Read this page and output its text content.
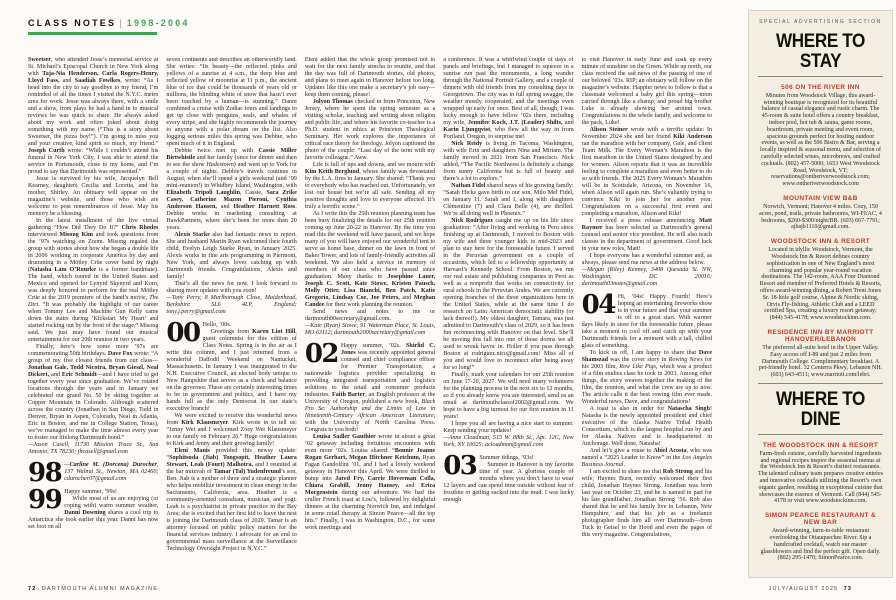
CLASS NOTES | 1998-2004

Sweetser, who attended Jesse’s memorial service at St. Michael’s Episcopal Church in New York along with Taja-Nia Henderson, Carla Rogers-Henry, Lloyd Fass, and Saadiah Fowlkes, wrote: “As I head into the city to say goodbye to my friend, I’m reminded of all the times I visited the N.Y.C. metro area for work. Jesse was always there, with a smile and a show, from plays he had a hand in to musical reviews he was quick to share. He always asked about my work and often joked about doing something with my name (“This is a story about Sweetser, the pizza boy!”). I’m going to miss you and your creative, kind spirit so much, my friend.” Joseph Curth wrote: “While I couldn’t attend his funeral in New York City, I was able to attend the service in Portsmouth, close to my home, and I’m proud to say that Dartmouth was represented.”

Jesse is survived by his wife, Jacquelyn Bell Kearney, daughters Cecilia and Loretta, and his mother, Shirley. An obituary will appear on the magazine’s website, and those who wish are welcome to post remembrances of Jesse. May his memory be a blessing.

In the latest installment of the live virtual gathering “How Did They Do It?” Chris Rhodes interviewed Misong Kim and took questions from the ’97s watching on Zoom. Misong regaled the group with stories about how she began a double life in 2006 working in corporate America by day and drumming in a Mötley Crüe cover band by night (Natasha Lam O’Rourke is a former bandmate). The band, which toured in the United States and Mexico and opened for Lynyrd Skynyrd and Korn, was deeply honored to perform for the real Mötley Crüe at the 2019 premiere of the band’s movie, The Dirt. “It was probably the highlight of our career when Tommy Lee and Machine Gun Kelly came down the stairs during ‘Kickstart My Heart’ and started rocking out by the front of the stage,” Misong said. We just may have found our musical entertainment for our 20th reunion in two years.

Finally, here’s how some more ’97s are commemorating 50th birthdays. Dave Fox wrote: “A group of my five closest friends from our class—Jonathan Gale, Todd Nicotra, Bryan Gieszl, Neal Dickert, and Eric Schmidt—and I have tried to get together every year since graduation. We’ve rotated locations through the years and in January we celebrated our grand No. 50 by skiing together at Copper Mountain in Colorado. Although scattered across the country (Jonathan in San Diego, Todd in Denver, Bryan in Aspen, Colorado, Neal in Atlanta, Eric in Boston, and me in College Station, Texas), we’ve managed to make the time almost every year to foster our lifelong Dartmouth bond.”

—Jason Casell, 11730 Mission Trace St., San Antonio, TX 78230; jhcasell@gmail.com

98 —Carline M. (Dorcena) Durocher, 137 Walnut St., Newton, MA 02460; cdurocher07@gmail.com

99 Happy summer, ’99s!

While most of us are enjoying (or coping with) warm summer weather, Danni Downing shares a cool trip to Antarctica she took earlier this year. Danni has now set foot on all

seven continents and describes an otherworldly land. She writes: “Its beauty—the reflected pinks and yellows of a sunrise at 4 a.m., the deep blue and reflected yellow of moonrise at 11 p.m., the ancient blue of ice that could be thousands of years old or millions, the blinding white of snow that hasn’t ever been touched by a human—is stunning.” Danni combined a cruise with Zodiac tours and landings to get up close with penguins, seals, and whales of every stripe, and she highly recommends the journey to anyone with a polar dream on the list. Also logging serious miles this spring was Debbie, who spent much of it in England.

Debbie twice met up with Cassie Miller Birtwhistle and her family (once for dinner and then to see the show Hadestown) and went up to York for a couple of nights. Debbie’s travels continue in August, when she’ll spend a girls weekend (and ’99 mini-reunion!) in Whidbey Island, Washington, with Elizabeth Tripoli Laughlin, Cassie, Sara Zrike Casey, Catherine Mazon Pieroni, Cynthia Anderson Hansen, and Heather Harnett Ross. Debbie works in marketing consulting at HawkPartners, where she’s been for more than 20 years.

Alexis Starke also had fantastic news to report. She and husband Martin Ryan welcomed their fourth child, Evelyn Leigh Starke Ryan, in January 2025. Alexis works in fine arts programming in Piermont, New York, and always loves catching up with Dartmouth friends. Congratulations, Alexis and family!

That’s all the news for now. I look forward to sharing more updates with you soon!

—Tony Perry, 8 Marlborough Close, Maidenhead, Berkshire SL6 4LP, England; tony.j.perry@gmail.com

00 Hello, ’00s.

Greetings from Karen Liot Hill, guest columnist for this edition of Class Notes. Spring is in the air as I write this column, and I just returned from a wonderful Daffodil Weekend on Nantucket, Massachusetts. In January I was inaugurated to the N.H. Executive Council, an elected body unique to New Hampshire that serves as a check and balance on the governor. These are certainly interesting times to be in government and politics, and I have my hands full as the only Democrat in our state’s executive branch!

We were excited to receive this wonderful news from Kirk Klausmeyer. Kirk wrote in to tell us: “Jenny Wei and I welcomed Zoey Wei Klausmeyer to our family on February 26.” Huge congratulations to Kirk and Jenny and their growing family!

Eleni Manis provided this newsy update: “Sophitsuda (Jiab) Tongsopit, Heather Laura Stewart, Leah (Fourt) Malhotra, and I reunited at the bar mitzvah of Tamar (Tal) Yudenfreund’s son, Ben. Jiab is a mother of three and a strategic planner who helps mobilize investment in clean energy in the Sacramento, California, area. Heather is a community-oriented consultant, musician, and yogi. Leah is a psychiatrist in private practice in the Bay Area; she is excited that her first kid to leave the nest is joining the Dartmouth class of 2029. Tamar is an attorney focused on public policy matters for the financial services industry. I advocate for an end to governmental mass surveillance at the Surveillance Technology Oversight Project in N.Y.C.”

Eleni added that the whole group promised not to wait for the next family simcha to reunite, and that the day was full of Dartmouth stories, old photos, and plans to meet again in Hanover before too long. Updates like this one make a secretary’s job easy—keep them coming, please!

Jolyon Thomas checked in from Princeton, New Jersey, where he spent the spring semester as a visiting scholar, teaching and writing about religion and public life, and where his favorite co-teacher is a Ph.D. student in ethics at Princeton Theological Seminary. Her work explores the importance of critical race theory for theology. Jolyon captioned the photo of the couple: “Last day of the term with my favorite colleague.” Aww.

Life is full of ups and downs, and we mourn with Kim Keith Berglund, whose family was devastated by the L.A. fires in January. She shared: “Thank you to everybody who has reached out. Unfortunately, we lost our house but we’re all safe. Sending all my positive thoughts and love to everyone affected. It’s truly a horrific scene.”

As I write this the 25th reunion planning team has been busy finalizing the details for our 25th reunion coming up June 20-22 in Hanover. By the time you read this the weekend will have passed, and we hope many of you will have enjoyed our wonderful tent to serve as home base, dinner on the lawn in front of Baker Tower, and lots of family-friendly activities all weekend. We also held a service in memory of members of our class who have passed since graduation. Many thanks to Josephine Lauer, Joseph C. Scott, Kate Stowe, Kristen Pausch, Molly Otter, Lisa Bianchi, Ben Patch, Katie Gregorio, Lindsay Coe, Joe Peters, and Meghan Candee for their work planning the reunion.

Send news and notes to me or dartmouth00secretary@gmail.com.

—Kate (Ryan) Stowe, 91 Waterman Place, St. Louis, MO 63112; dartmouth2000secretary@gmail.com

02 Happy summer, ’02s. Shirlid C. Jones was recently appointed general counsel and chief compliance officer for Premier Transportation, a nationwide logistics provider specializing in providing integrated transportation and logistics solutions to the retail and consumer products industries. Faith Barter, an English professor at the University of Oregon, published a new book, Black Pro Se: Authorship and the Limits of Law in Nineteenth-Century African American Literature, with the University of North Carolina Press. Congrats to you both!

Louisa Sadler Gauthier wrote in about a great ’02 getaway including fortuitous encounters with even more ’02s. Louisa shared: “Bonnie Joanne Rogan Gerhart, Megan Hitchner Ketchum, Ryan Fagan Gandolfini ’01, and I had a lovely weekend getaway in Hanover this April. We were thrilled to bump into Jared Fry, Carrie Hoverman Colla, Chiara Grabill, Jenny Hansey, and Erica Morgenstein during our adventure. We had the cruller French toast at Lou’s, followed by delightful dinners at the charming Norwich Inn, and indulged in some retail therapy at Simon Pearce—all the top hits.” Finally, I was in Washington, D.C., for some work meetings and

a conference. It was a whirlwind couple of days of panels and briefings, but I managed to squeeze in a sunrise run past the monuments, a long wander through the National Portrait Gallery, and a couple of dinners with old friends from my consulting days in Georgetown. The city was in full spring swagger, the weather mostly cooperated, and the meetings even wrapped up early for once. Best of all, though, I was lucky enough to have fellow ’02s there, including my wife, Jennifer Koch, J.T. (Leader) Shilts, and Karin Ljungqvist, who flew all the way in from Portland, Oregon, to surprise me!

Nick Reidy is living in Tacoma, Washington, with wife Erin and daughters Nina and Miriam. The family moved in 2021 from San Francisco. Nick added, “The Pacific Northwest is definitely a change from sunny California but is full of beauty and there’s a lot to explore.”

Nathan Fidel shared news of his growing family: “Sarah Hicks gave birth to our son, Milo Mel Fidel, on January 11. Sarah and I, along with daughters Clémentine (7) and Clara Belle (4), are thrilled. We’re all doing well in Phoenix.”

Nick Rodriguez caught me up on his life since graduation: “After living and working in Peru since finishing up at Dartmouth, I moved to Boston with my wife and three younger kids in mid-2023 and plan to stay here for the foreseeable future. I served in the Peruvian government on a couple of occasions, which led to a fellowship opportunity at Harvard’s Kennedy School. From Boston, we run our real estate and publishing companies in Peru as well as a nonprofit that works on connectivity for rural schools in the Peruvian Andes. We are currently opening branches of the three organizations here in the United States, while at the same time I do research on Latin American democratic stability (or lack thereof!). My oldest daughter, Tamara, was just admitted to Dartmouth’s class of 2029, so it has been fun reconnecting with Hanover on that level. She’ll be moving this fall into one of those dorms we all used to wreak havoc in. Holler if you pass through Boston at rodriguez.nico@gmail.com! Miss all of you and would love to reconnect after being away for so long!”

Finally, mark your calendars for our 25th reunion on June 17-20, 2027. We will need many volunteers for the planning process in the next six to 12 months, so if you already know you are interested, send us an email at dartmouthclassof2002@gmail.com. We hope to have a big turnout for our first reunion in 11 years!

I hope you all are having a nice start to summer. Keep sending your updates!

—Anne Cloudman, 515 W. 88th St., Apt. 12C, New York, NY 10025; acloudman@gmail.com

03 Summer tidings, ’03s!

Summer in Hanover is my favorite time of year. A glorious couple of months where you don’t have to wear 12 layers and can spend time outside without fear of frostbite or getting sucked into the mud. I was lucky enough

to visit Hanover in early June and soak up every minute of sunshine on the Green. While up north, our class received the sad news of the passing of one of our beloved ’03s. RIP; an obituary will follow on the magazine’s website. Happier news to follow is that a classmate welcomed a baby girl this spring—mom carried through like a champ, and proud big brother Luke is already showing her around town. Congratulations to the whole family, and welcome to the pack, Luke!

Alison Steiner wrote with a terrific update: In November 2024 she and her friend Kiki Anderson ran the marathon with her company, Gale, and client Team Milk. The Every Woman’s Marathon is the first marathon in the United States designed by and for women. Alison reports that it was an incredible feeling to complete a marathon and even better to do so with friends. The 2025 Every Woman’s Marathon will be in Scottsdale, Arizona, on November 16, when Alison will again run. She’s valiantly trying to convince Kiki to join her for another year. Congratulations on a successful first event and completing a marathon, Alison and Kiki!

I received a press release announcing Matt Raymer has been selected as Dartmouth’s general counsel and senior vice president. He will also teach classes in the department of government. Good luck in your new roles, Matt!

I hope everyone has a wonderful summer and, as always, please send me news at the address below.

—Megan (Riley) Kenney, 3408 Quesada St. NW, Washington, DC 20016; dartmouth03notes@gmail.com

04 Hi, ’04s! Happy Fourth! Here’s hoping an entertaining fireworks show is in your future and that your summer is off to a great start. With warmer days likely in store for the foreseeable future, please take a moment to cool off and catch up with your Dartmouth friends for a moment with a tall, chilled glass of something.

To kick us off, I am happy to share that Dave Shamszad was the cover story in Rowing News for his 2003 film, Row Like Pigs, which was a product of a film studies class he took in 2003. Among other things, the story weaves together the making of the film, the reunion, and what the crew are up to now. The article calls it the best rowing film ever made. Wonderful news, Dave, and congratulations!

A toast is also in order for Natascha Singh! Natasha is the newly appointed president and chief executive of the Alaska Native Tribal Health Consortium, which is the largest hospital run by and for Alaska Natives and is headquartered in Anchorage. Well done, Natasha!

And let’s give a rouse to Abiel Acosta, who was named a “2025 Leader to Know” in the Los Angeles Business Journal.

I am excited to share too that Rob Strong and his wife, Haynes Burn, recently welcomed their first child, Jonathan Haynes Strong. Jonathan was born last year on October 23, and he is named in part for his late grandfather, Jonathan Strong ’56. Rob also shared that he and his family live in Lebanon, New Hampshire, and that his job as a freelance photographer finds him all over Dartmouth—from Tuck to Geisel to the Hood and even the pages of this very magazine. Congratulations,

SPECIAL ADVERTISING SECTION
WHERE TO STAY
506 ON THE RIVER INN
Minutes from Woodstock Village, this award-winning boutique is recognized for its beautiful balance of casual elegance and rustic charm. The 45-room & suite hotel offers a country breakfast, indoor pool, hot tub & sauna, game rooms, boardroom, private meeting and event room, spacious grounds perfect for hosting outdoor events, as well as the 506 Bistro & Bar, serving a locally inspired & seasonal menu, and selection of carefully selected wines, microbrews, and crafted cocktails. (802) 457-5000; 1653 West Woodstock Road, Woodstock, VT; reservations@ontheriverwoodstock.com; www.ontheriverwoodstock.com
MOUNTAIN VIEW B&B
Norwich, Vermont; Hanover 4 miles. Cozy, 150 acres, pond, trails, private bathrooms, WI-FI/AC, 4 bedrooms, $260-$300/night/BR. (603) 667-7791; ajbajb1110@gmail.com.
WOODSTOCK INN & RESORT
Located in idyllic Woodstock, Vermont, the Woodstock Inn & Resort defines country sophistication in one of New England’s most charming and popular year-round vacation destinations. The 142-room, AAA Four Diamond Resort and member of Preferred Hotels & Resorts, offers award-winning dining, a Robert Trent Jones Sr. 18-hole golf course, Alpine & Nordic skiing, Orvis Fly-fishing, Athletic Club and a LEED certified Spa, creating a luxury resort getaway; (844) 545-4178; www.woodstockinn.com.
RESIDENCE INN BY MARRIOTT HANOVER/LEBANON
The preferred all-suite hotel in the Upper Valley. Easy access off I-89 and just 2 miles from Dartmouth College. Complimentary breakfast. A pet-friendly hotel. 32 Centerra Pkwy, Lebanon NH. (603) 643-4511; www.marriott.com/lebri.
WHERE TO DINE
THE WOODSTOCK INN & RESORT
Farm-fresh cuisine, carefully harvested ingredients and regional recipes inspire the seasonal menus at the Woodstock Inn & Resort’s distinct restaurants. The talented culinary team prepares creative entrées and innovative cocktails utilizing the Resort’s own organic garden, resulting in exceptional cuisine that showcases the essence of Vermont. Call (844) 545-4178 or visit www.woodstockinn.com.
SIMON PEARCE RESTAURANT & NEW BAR
Award-winning, farm-to-table restaurant overlooking the Ottauquechee River. Sip a handcrafted cocktail, watch our master glassblowers and find the perfect gift. Open daily. (802) 295-1470; SimonPearce.com.
72 DARTMOUTH ALUMNI MAGAZINE	JULY/AUGUST 2025 73
